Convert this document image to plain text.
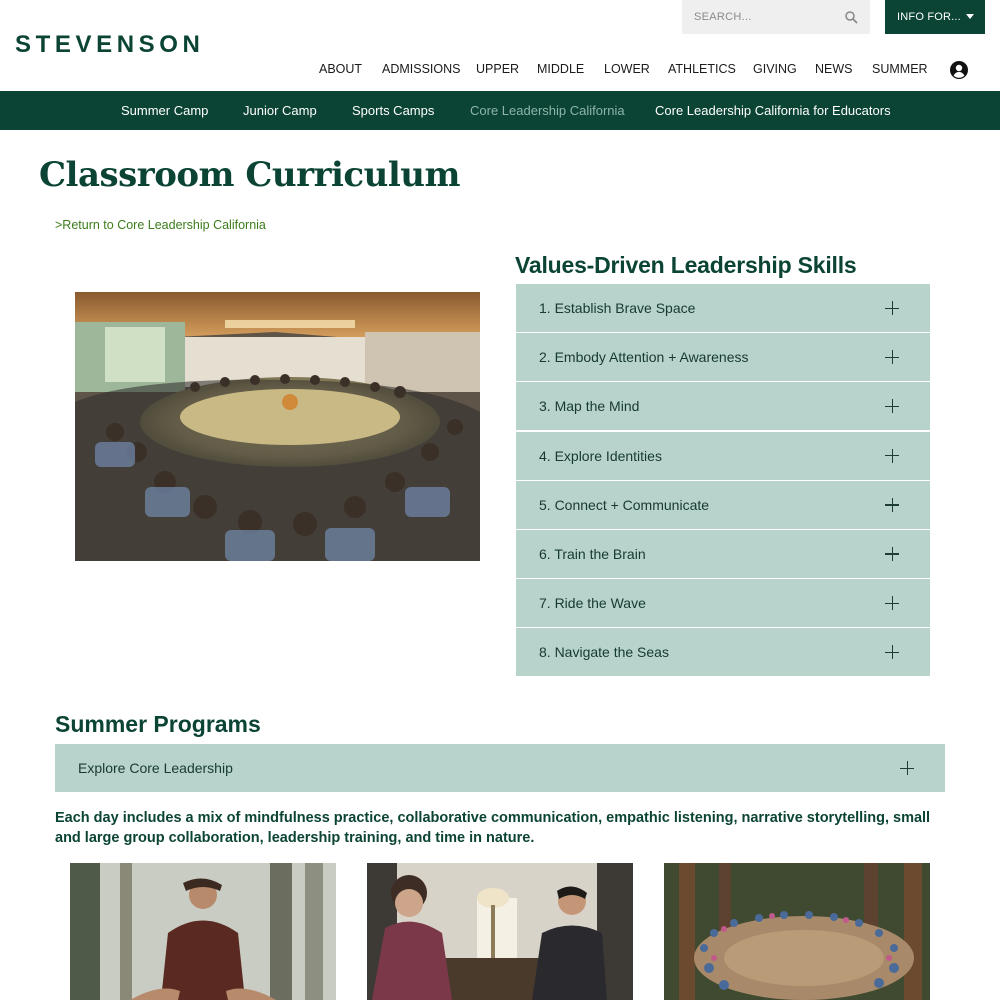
SEARCH...
INFO FOR...
STEVENSON
ABOUT ADMISSIONS UPPER MIDDLE LOWER ATHLETICS GIVING NEWS SUMMER
Summer Camp	Junior Camp	Sports Camps	Core Leadership California Core Leadership California for Educators
Classroom Curriculum
>Return to Core Leadership California
Values-Driven Leadership Skills
1. Establish Brave Space
2. Embody Attention + Awareness
3. Map the Mind
4. Explore Identities
5. Connect + Communicate
6. Train the Brain
7. Ride the Wave
8. Navigate the Seas
Summer Programs
Explore Core Leadership

Each day includes a mix of mindfulness practice, collaborative communication, empathic listening, narrative storytelling, small and large group collaboration, leadership training, and time in nature.
